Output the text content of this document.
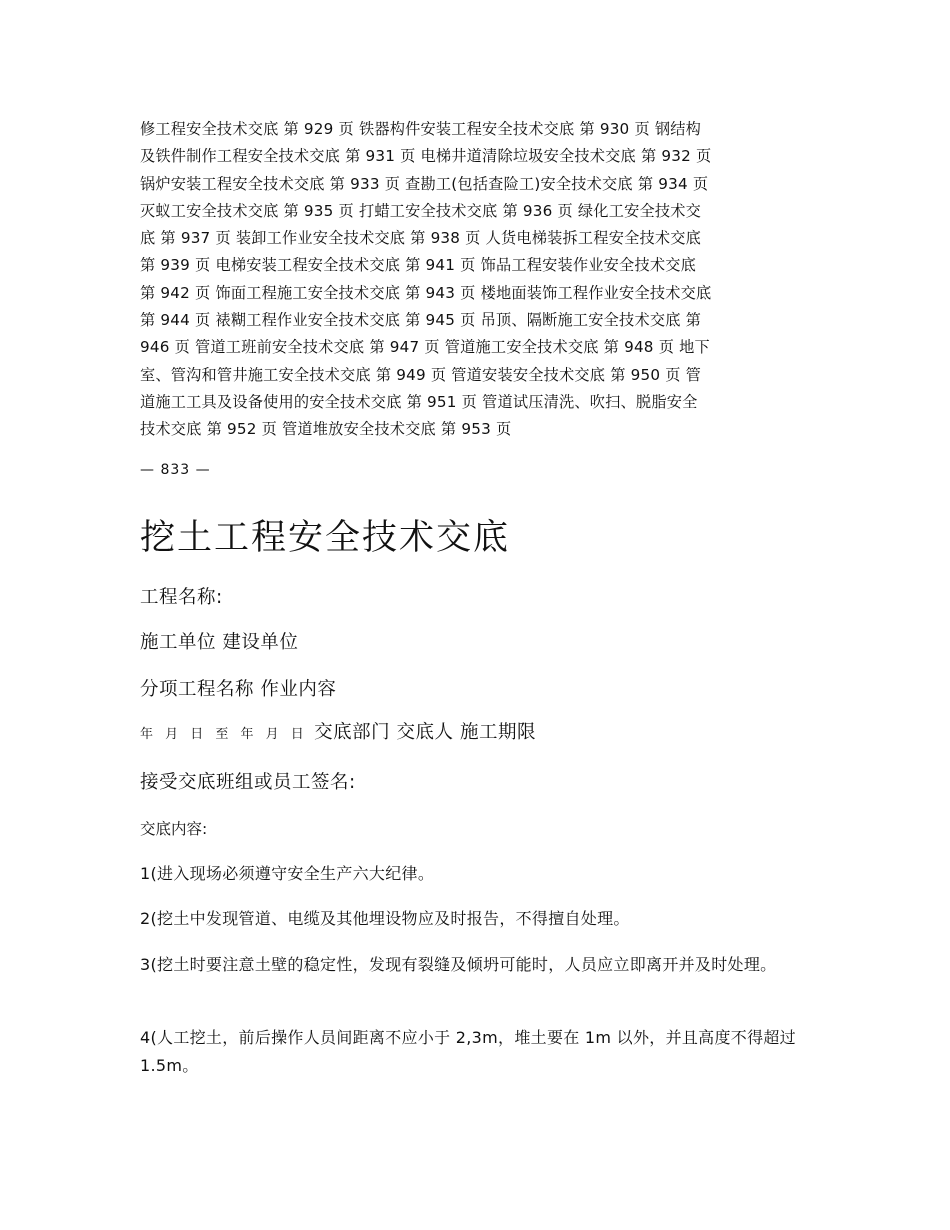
修工程安全技术交底 第 929 页 铁器构件安装工程安全技术交底 第 930 页 钢结构
及铁件制作工程安全技术交底 第 931 页 电梯井道清除垃圾安全技术交底 第 932 页
锅炉安装工程安全技术交底 第 933 页 查勘工(包括查险工)安全技术交底 第 934 页
灭蚁工安全技术交底 第 935 页 打蜡工安全技术交底 第 936 页 绿化工安全技术交
底 第 937 页 装卸工作业安全技术交底 第 938 页 人货电梯装拆工程安全技术交底
第 939 页 电梯安装工程安全技术交底 第 941 页 饰品工程安装作业安全技术交底
第 942 页 饰面工程施工安全技术交底 第 943 页 楼地面装饰工程作业安全技术交底
第 944 页 裱糊工程作业安全技术交底 第 945 页 吊顶、隔断施工安全技术交底 第
946 页 管道工班前安全技术交底 第 947 页 管道施工安全技术交底 第 948 页 地下
室、管沟和管井施工安全技术交底 第 949 页 管道安装安全技术交底 第 950 页 管
道施工工具及设备使用的安全技术交底 第 951 页 管道试压清洗、吹扫、脱脂安全
技术交底 第 952 页 管道堆放安全技术交底 第 953 页
— 833 —
挖土工程安全技术交底
工程名称:
施工单位 建设单位
分项工程名称 作业内容
年 月 日 至 年 月 日 交底部门 交底人 施工期限
接受交底班组或员工签名:
交底内容:
1(进入现场必须遵守安全生产六大纪律。
2(挖土中发现管道、电缆及其他埋设物应及时报告，不得擅自处理。
3(挖土时要注意土壁的稳定性，发现有裂缝及倾坍可能时，人员应立即离开并及时处理。
4(人工挖土，前后操作人员间距离不应小于 2,3m，堆土要在 1m 以外，并且高度不得超过 1.5m。
